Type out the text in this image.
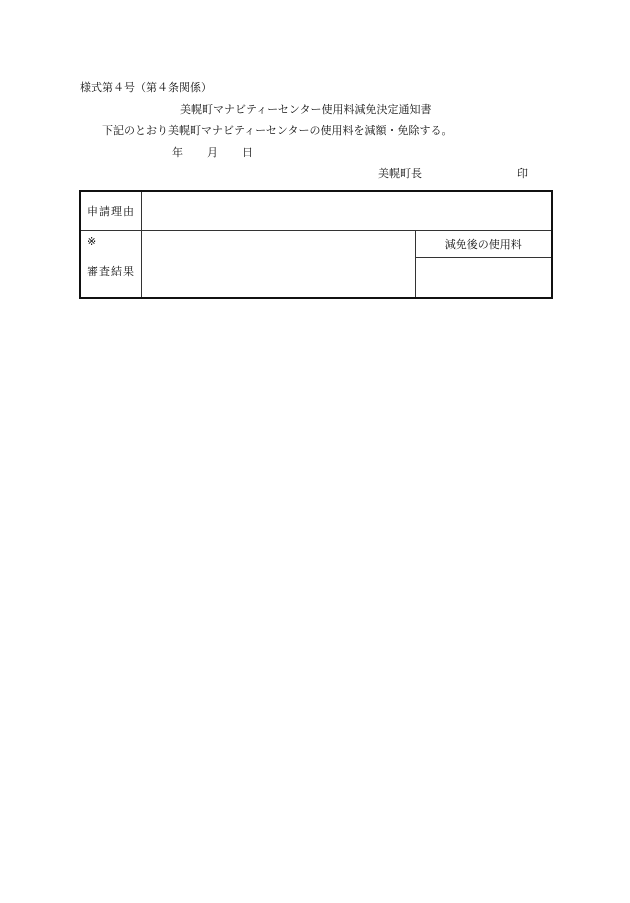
様式第４号（第４条関係）
美幌町マナビティーセンター使用料減免決定通知書
下記のとおり美幌町マナビティーセンターの使用料を減額・免除する。
年 月 日
美幌町長	印
申請理由		

※
審査結果		減免後の使用料
